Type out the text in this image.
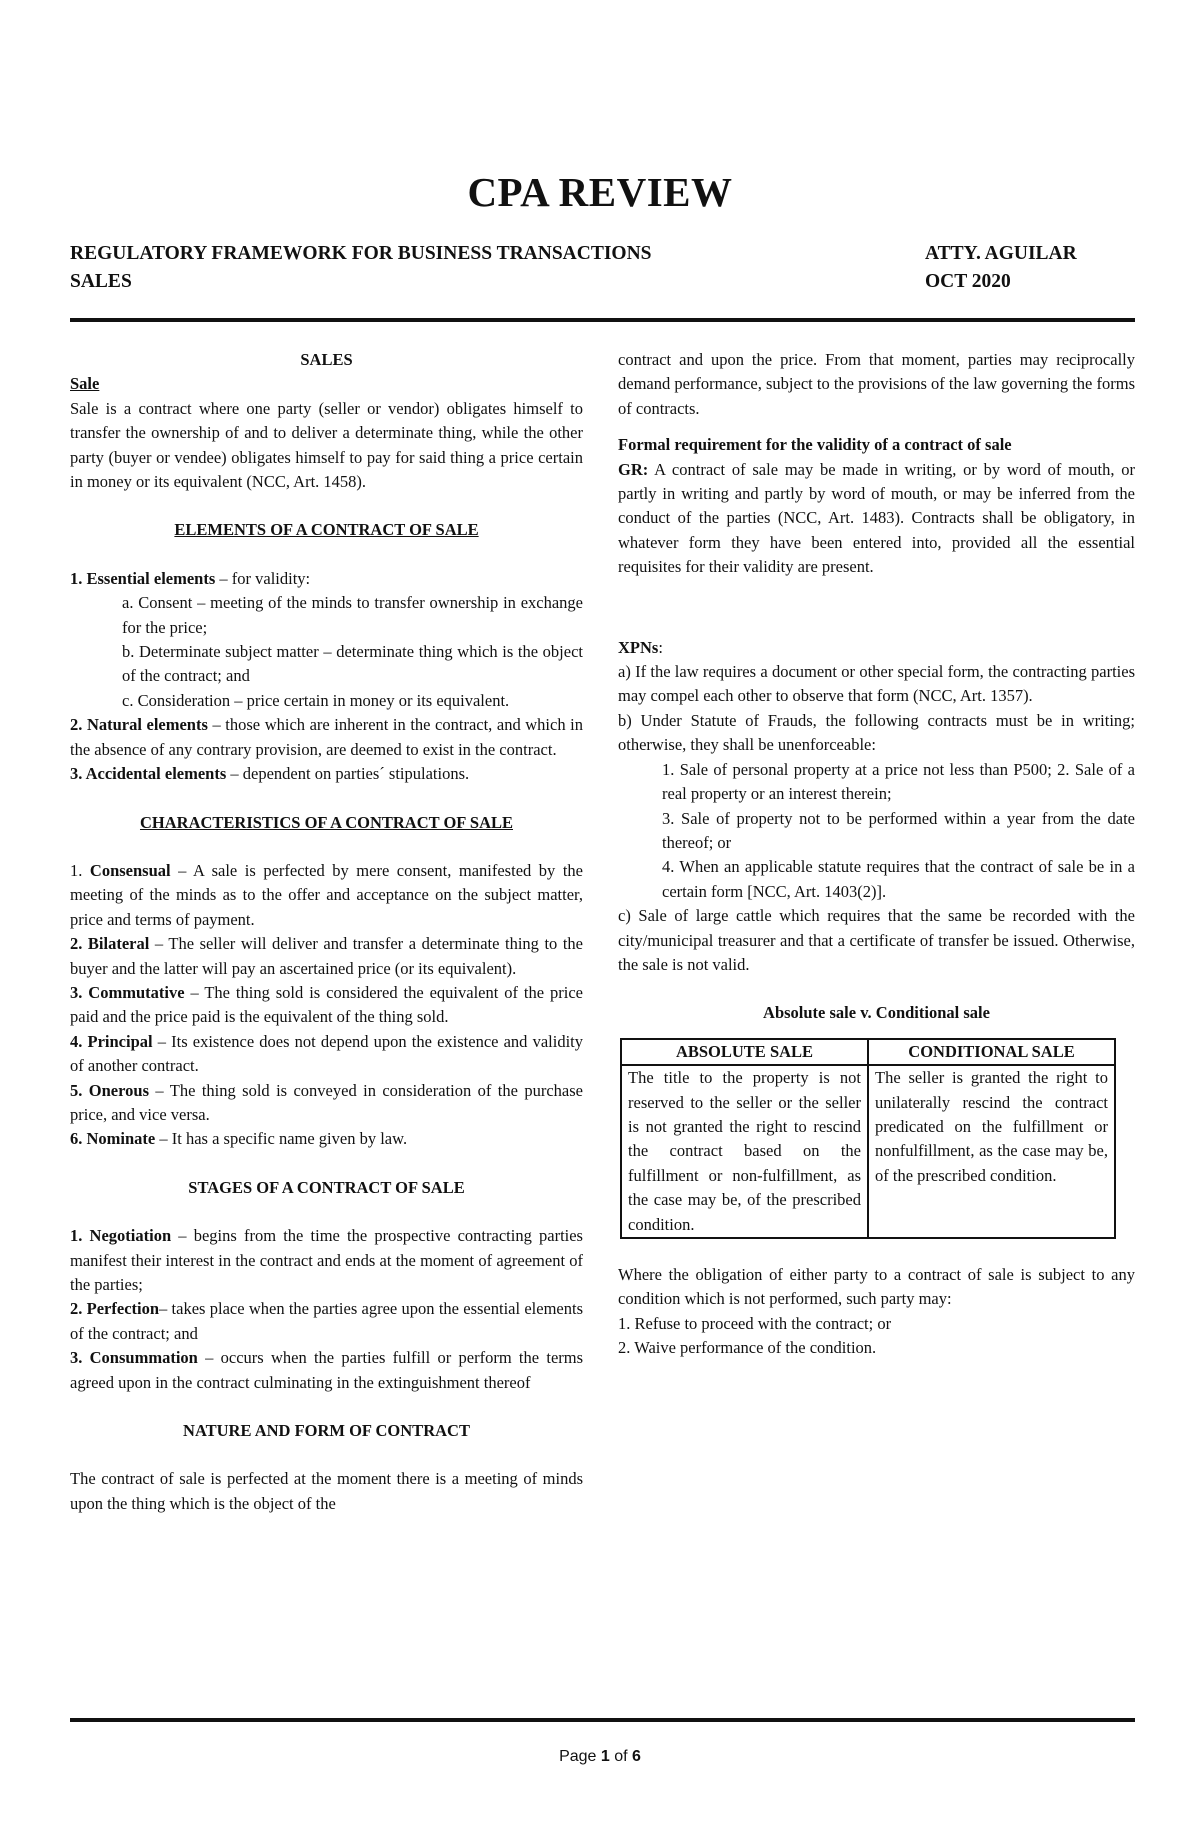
CPA REVIEW
REGULATORY FRAMEWORK FOR BUSINESS TRANSACTIONS
SALES
ATTY. AGUILAR
OCT 2020

SALES

Sale

Sale is a contract where one party (seller or vendor) obligates himself to transfer the ownership of and to deliver a determinate thing, while the other party (buyer or vendee) obligates himself to pay for said thing a price certain in money or its equivalent (NCC, Art. 1458).

ELEMENTS OF A CONTRACT OF SALE

1. Essential elements – for validity:

a. Consent – meeting of the minds to transfer ownership in exchange for the price;

b. Determinate subject matter – determinate thing which is the object of the contract; and

c. Consideration – price certain in money or its equivalent.

2. Natural elements – those which are inherent in the contract, and which in the absence of any contrary provision, are deemed to exist in the contract.

3. Accidental elements – dependent on parties´ stipulations.

CHARACTERISTICS OF A CONTRACT OF SALE

1. Consensual – A sale is perfected by mere consent, manifested by the meeting of the minds as to the offer and acceptance on the subject matter, price and terms of payment.

2. Bilateral – The seller will deliver and transfer a determinate thing to the buyer and the latter will pay an ascertained price (or its equivalent).

3. Commutative – The thing sold is considered the equivalent of the price paid and the price paid is the equivalent of the thing sold.

4. Principal – Its existence does not depend upon the existence and validity of another contract.

5. Onerous – The thing sold is conveyed in consideration of the purchase price, and vice versa.

6. Nominate – It has a specific name given by law.

STAGES OF A CONTRACT OF SALE

1. Negotiation – begins from the time the prospective contracting parties manifest their interest in the contract and ends at the moment of agreement of the parties;

2. Perfection– takes place when the parties agree upon the essential elements of the contract; and

3. Consummation – occurs when the parties fulfill or perform the terms agreed upon in the contract culminating in the extinguishment thereof

NATURE AND FORM OF CONTRACT

The contract of sale is perfected at the moment there is a meeting of minds upon the thing which is the object of the

contract and upon the price. From that moment, parties may reciprocally demand performance, subject to the provisions of the law governing the forms of contracts.

Formal requirement for the validity of a contract of sale

GR: A contract of sale may be made in writing, or by word of mouth, or partly in writing and partly by word of mouth, or may be inferred from the conduct of the parties (NCC, Art. 1483). Contracts shall be obligatory, in whatever form they have been entered into, provided all the essential requisites for their validity are present.

XPNs:

a) If the law requires a document or other special form, the contracting parties may compel each other to observe that form (NCC, Art. 1357).

b) Under Statute of Frauds, the following contracts must be in writing; otherwise, they shall be unenforceable:

1. Sale of personal property at a price not less than P500; 2. Sale of a real property or an interest therein;

3. Sale of property not to be performed within a year from the date thereof; or

4. When an applicable statute requires that the contract of sale be in a certain form [NCC, Art. 1403(2)].

c) Sale of large cattle which requires that the same be recorded with the city/municipal treasurer and that a certificate of transfer be issued. Otherwise, the sale is not valid.

Absolute sale v. Conditional sale

ABSOLUTE SALE	CONDITIONAL SALE
The title to the property is not reserved to the seller or the seller is not granted the right to rescind the contract based on the fulfillment or non-fulfillment, as the case may be, of the prescribed condition.	The seller is granted the right to unilaterally rescind the contract predicated on the fulfillment or nonfulfillment, as the case may be, of the prescribed condition.

Where the obligation of either party to a contract of sale is subject to any condition which is not performed, such party may:

1. Refuse to proceed with the contract; or

2. Waive performance of the condition.

Page 1 of 6
